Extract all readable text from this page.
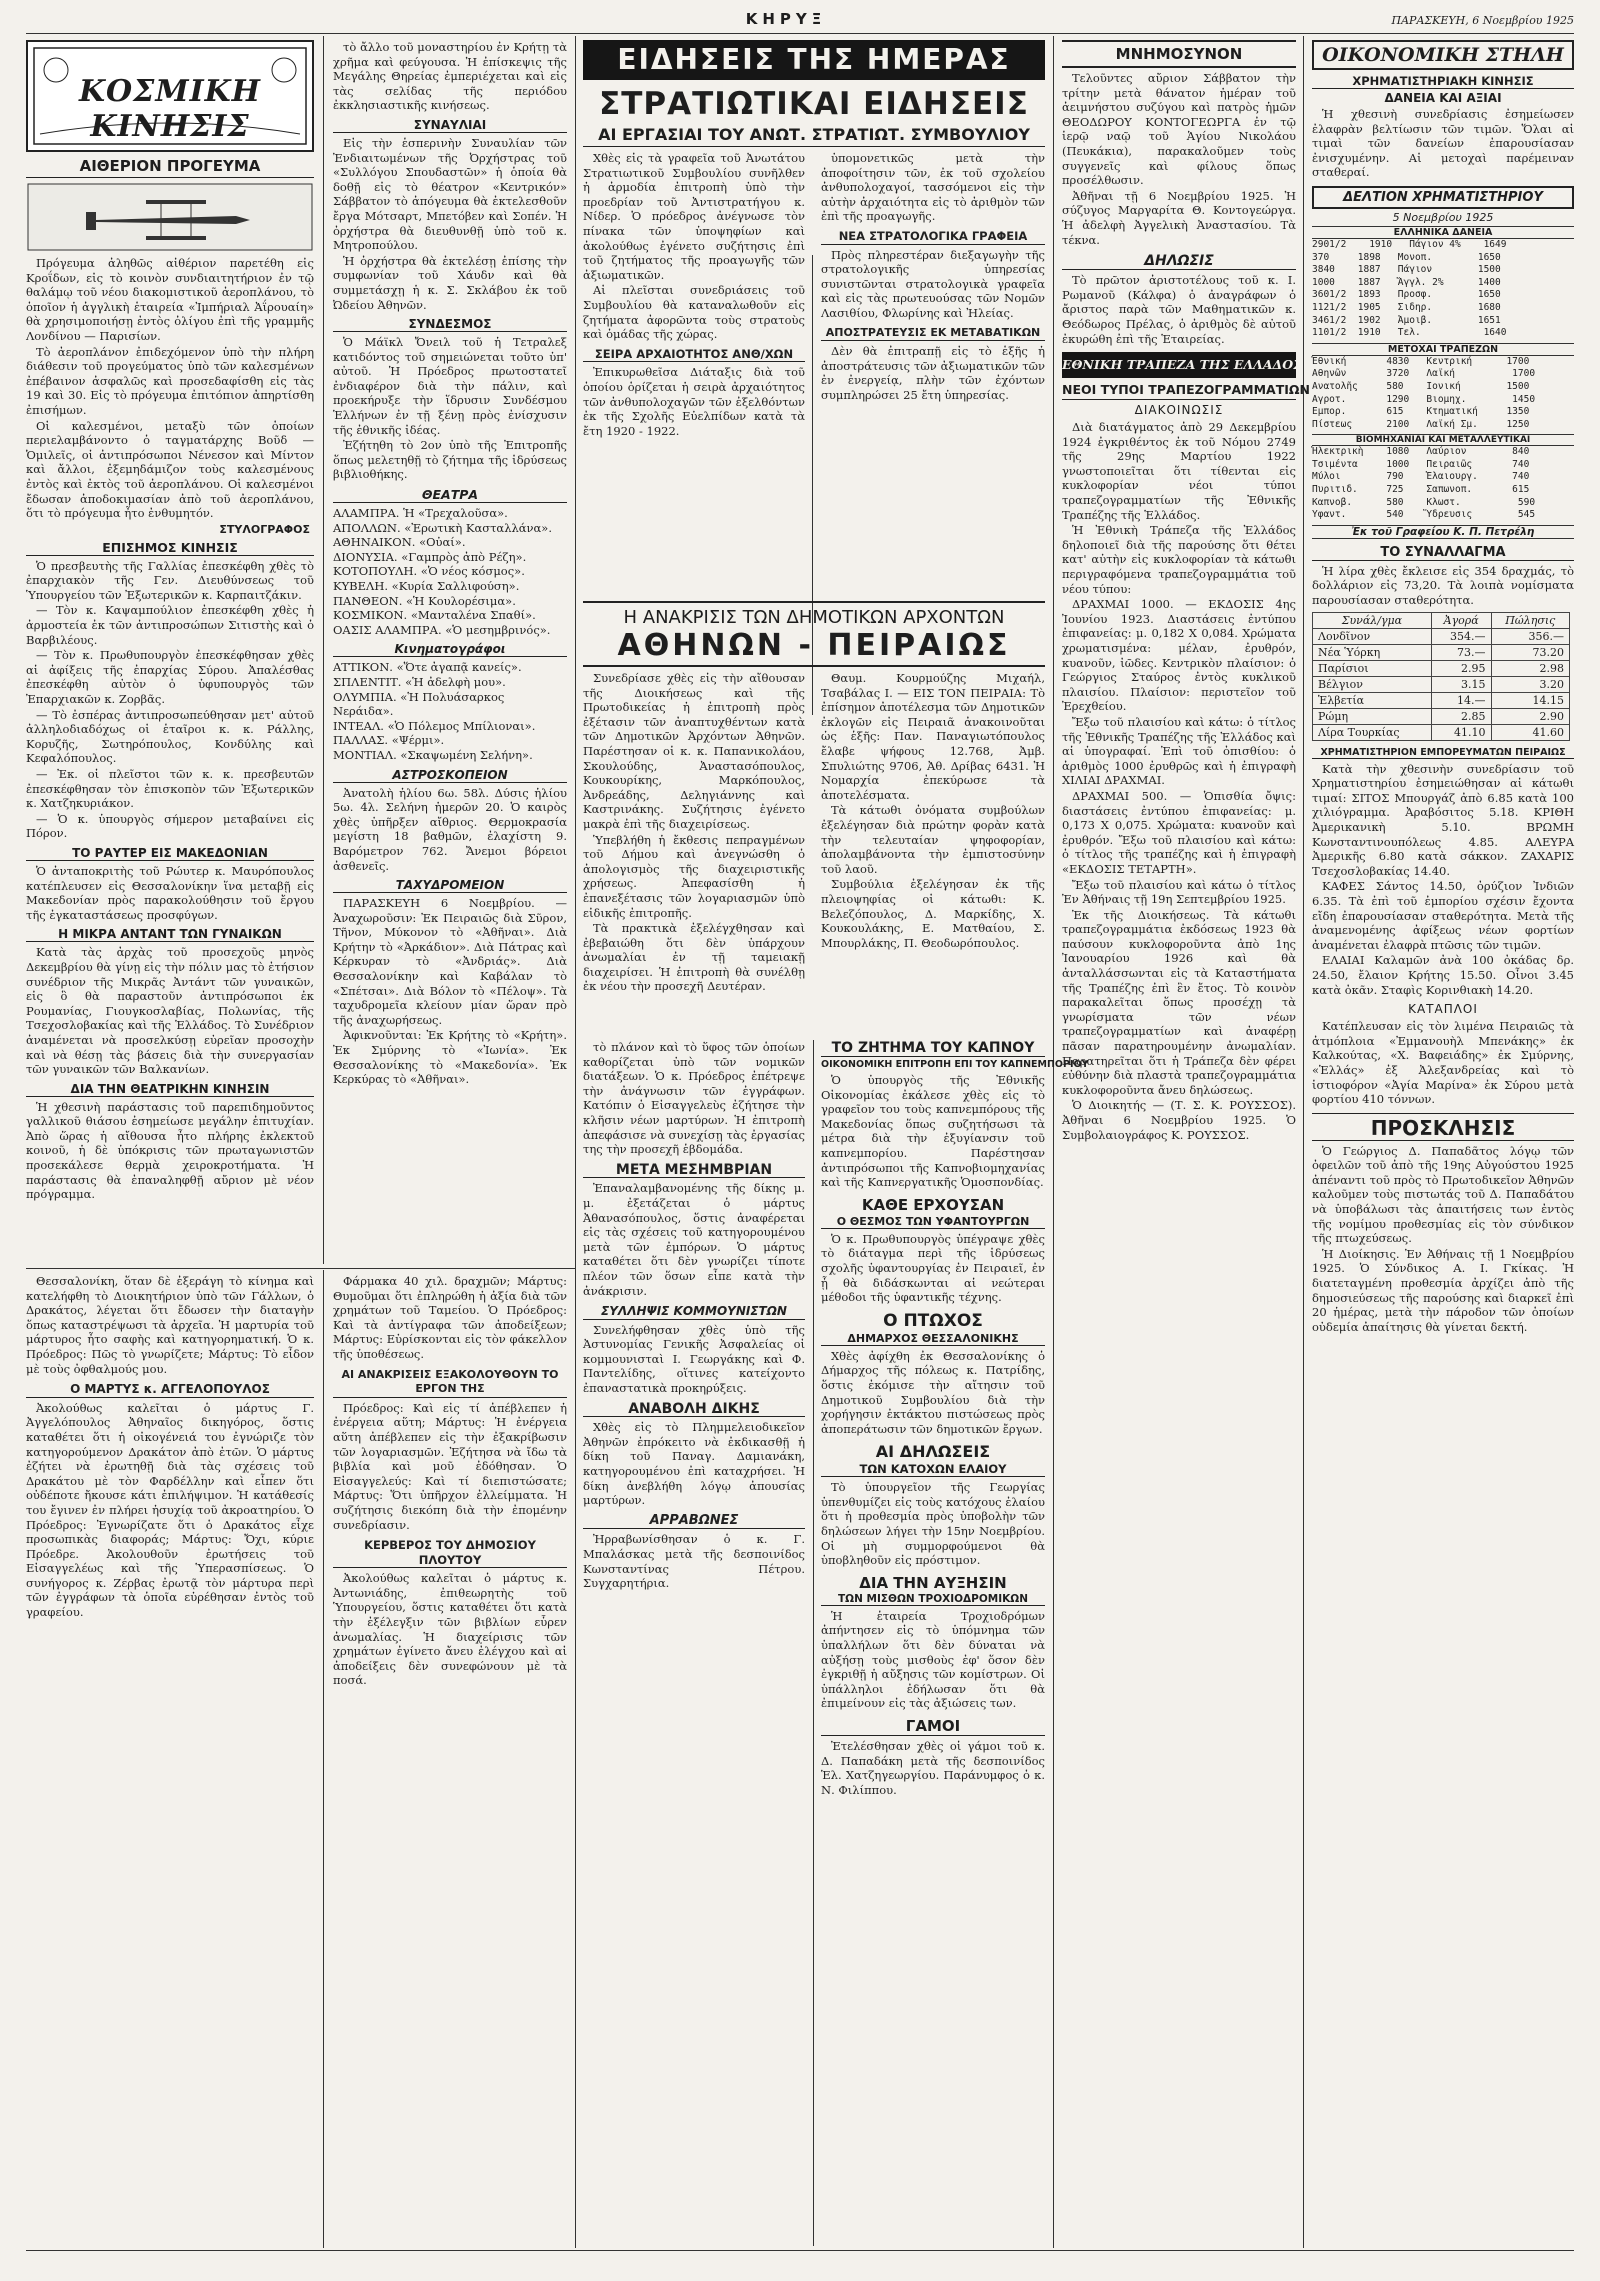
ΚΗΡΥΞ	ΠΑΡΑΣΚΕΥΗ, 6 Νοεμβρίου 1925
ΚΟΣΜΙΚΗ ΚΙΝΗΣΙΣ
ΑΙΘΕΡΙΟΝ ΠΡΟΓΕΥΜΑ

Πρόγευμα ἀληθῶς αἰθέριον παρετέθη εἰς Κροΐδων, εἰς τὸ κοινὸν συνδιαιτητήριον ἐν τῷ θαλάμῳ τοῦ νέου διακομιστικοῦ ἀεροπλάνου, τὸ ὁποῖον ἡ ἀγγλικὴ ἑταιρεία «Ἰμπήριαλ Ἀΐρουαίη» θὰ χρησιμοποιήσῃ ἐντὸς ὀλίγου ἐπὶ τῆς γραμμῆς Λονδίνου — Παρισίων.

Τὸ ἀεροπλάνον ἐπιδεχόμενον ὑπὸ τὴν πλήρη διάθεσιν τοῦ προγεύματος ὑπὸ τῶν καλεσμένων ἐπέβαινον ἀσφαλῶς καὶ προσεδαφίσθη εἰς τὰς 19 καὶ 30. Εἰς τὸ πρόγευμα ἐπιτόπιον ἀπηρτίσθη ἐπισήμων.

Οἱ καλεσμένοι, μεταξὺ τῶν ὁποίων περιελαμβάνοντο ὁ ταγματάρχης Βοῦδ — Ὁμιλεῖς, οἱ ἀντιπρόσωποι Νένεσον καὶ Μίντον καὶ ἄλλοι, ἐξεμηδάμιζον τοὺς καλεσμένους ἐντὸς καὶ ἐκτὸς τοῦ ἀεροπλάνου. Οἱ καλεσμένοι ἔδωσαν ἀποδοκιμασίαν ἀπὸ τοῦ ἀεροπλάνου, ὅτι τὸ πρόγευμα ἦτο ἐνθυμητόν.

ΣΤΥΛΟΓΡΑΦΟΣ
ΕΠΙΣΗΜΟΣ ΚΙΝΗΣΙΣ

Ὁ πρεσβευτὴς τῆς Γαλλίας ἐπεσκέφθη χθὲς τὸ ἐπαρχιακὸν τῆς Γεν. Διευθύνσεως τοῦ Ὑπουργείου τῶν Ἐξωτερικῶν κ. Καρπαιτζάκιν.

— Τὸν κ. Καψαμπούλιον ἐπεσκέφθη χθὲς ἡ ἀρμοστεία ἐκ τῶν ἀντιπροσώπων Σιτιστὴς καὶ ὁ Βαρβιλέους.

— Τὸν κ. Πρωθυπουργὸν ἐπεσκέφθησαν χθὲς αἱ ἀφίξεις τῆς ἐπαρχίας Σύρου. Ἀπαλέσθας ἐπεσκέφθη αὐτὸν ὁ ὑφυπουργὸς τῶν Ἐπαρχιακῶν κ. Ζορβᾶς.

— Τὸ ἐσπέρας ἀντιπροσωπεύθησαν μετ' αὐτοῦ ἀλληλοδιαδόχως οἱ ἑταῖροι κ. κ. Ράλλης, Κορυζῆς, Σωτηρόπουλος, Κονδύλης καὶ Κεφαλόπουλος.

— Ἐκ. οἱ πλεῖστοι τῶν κ. κ. πρεσβευτῶν ἐπεσκέφθησαν τὸν ἐπισκοπὸν τῶν Ἐξωτερικῶν κ. Χατζηκυριάκον.

— Ὁ κ. ὑπουργὸς σήμερον μεταβαίνει εἰς Πόρον.

ΤΟ ΡΑΥΤΕΡ ΕΙΣ ΜΑΚΕΔΟΝΙΑΝ

Ὁ ἀνταποκριτὴς τοῦ Ρώυτερ κ. Μαυρόπουλος κατέπλευσεν εἰς Θεσσαλονίκην ἵνα μεταβῇ εἰς Μακεδονίαν πρὸς παρακολούθησιν τοῦ ἔργου τῆς ἐγκαταστάσεως προσφύγων.

Η ΜΙΚΡΑ ΑΝΤΑΝΤ ΤΩΝ ΓΥΝΑΙΚΩΝ

Κατὰ τὰς ἀρχὰς τοῦ προσεχοῦς μηνὸς Δεκεμβρίου θὰ γίνῃ εἰς τὴν πόλιν μας τὸ ἐτήσιον συνέδριον τῆς Μικρᾶς Ἀντάντ τῶν γυναικῶν, εἰς ὃ θὰ παραστοῦν ἀντιπρόσωποι ἐκ Ρουμανίας, Γιουγκοσλαβίας, Πολωνίας, τῆς Τσεχοσλοβακίας καὶ τῆς Ἑλλάδος. Τὸ Συνέδριον ἀναμένεται νὰ προσελκύσῃ εὐρεῖαν προσοχὴν καὶ νὰ θέσῃ τὰς βάσεις διὰ τὴν συνεργασίαν τῶν γυναικῶν τῶν Βαλκανίων.

ΔΙΑ ΤΗΝ ΘΕΑΤΡΙΚΗΝ ΚΙΝΗΣΙΝ

Ἡ χθεσινὴ παράστασις τοῦ παρεπιδημοῦντος γαλλικοῦ θιάσου ἐσημείωσε μεγάλην ἐπιτυχίαν. Ἀπὸ ὥρας ἡ αἴθουσα ἦτο πλήρης ἐκλεκτοῦ κοινοῦ, ἡ δὲ ὑπόκρισις τῶν πρωταγωνιστῶν προσεκάλεσε θερμὰ χειροκροτήματα. Ἡ παράστασις θὰ ἐπαναληφθῇ αὔριον μὲ νέον πρόγραμμα.

τὸ ἄλλο τοῦ μοναστηρίου ἐν Κρήτῃ τὰ χρῆμα καὶ φεύγουσα. Ἡ ἐπίσκεψις τῆς Μεγάλης Θηρείας ἐμπεριέχεται καὶ εἰς τὰς σελίδας τῆς περιόδου ἐκκλησιαστικῆς κινήσεως.

ΣΥΝΑΥΛΙΑΙ

Εἰς τὴν ἑσπερινὴν Συναυλίαν τῶν Ἐνδιαιτωμένων τῆς Ὀρχήστρας τοῦ «Συλλόγου Σπουδαστῶν» ἡ ὁποία θὰ δοθῇ εἰς τὸ θέατρον «Κεντρικόν» Σάββατον τὸ ἀπόγευμα θὰ ἐκτελεσθοῦν ἔργα Μότσαρτ, Μπετόβεν καὶ Σοπέν. Ἡ ὀρχήστρα θὰ διευθυνθῇ ὑπὸ τοῦ κ. Μητροπούλου.

Ἡ ὀρχήστρα θὰ ἐκτελέσῃ ἐπίσης τὴν συμφωνίαν τοῦ Χάυδν καὶ θὰ συμμετάσχῃ ἡ κ. Σ. Σκλάβου ἐκ τοῦ Ὠδείου Ἀθηνῶν.

ΣΥΝΔΕΣΜΟΣ

Ὁ Μάϊκλ Ὄνειλ τοῦ ἡ Τετραλεξ κατιδόντος τοῦ σημειώνεται τοῦτο ὑπ' αὐτοῦ. Ἡ Πρόεδρος πρωτοστατεῖ ἐνδιαφέρον διὰ τὴν πάλιν, καὶ προεκήρυξε τὴν ἵδρυσιν Συνδέσμου Ἑλλήνων ἐν τῇ ξένῃ πρὸς ἐνίσχυσιν τῆς ἐθνικῆς ἰδέας.

Ἐζήτηθη τὸ 2ον ὑπὸ τῆς Ἐπιτροπῆς ὅπως μελετηθῇ τὸ ζήτημα τῆς ἱδρύσεως βιβλιοθήκης.

ΘΕΑΤΡΑ
ΑΛΑΜΠΡΑ. Ἡ «Τρεχαλοῦσα».
ΑΠΟΛΛΩΝ. «Ἐρωτικὴ Κασταλλάνα».
ΑΘΗΝΑΙΚΟΝ. «Οὐαί».
ΔΙΟΝΥΣΙΑ. «Γαμπρὸς ἀπὸ Ρέζη».
ΚΟΤΟΠΟΥΛΗ. «Ὁ νέος κόσμος».
ΚΥΒΕΛΗ. «Κυρία Σαλλιφούση».
ΠΑΝΘΕΟΝ. «Ἡ Κουλορέσιμα».
ΚΟΣΜΙΚΟΝ. «Μανταλένα Σπαθί».
ΟΑΣΙΣ ΑΛΑΜΠΡΑ. «Ὁ μεσημβρινός».
Κινηματογράφοι
ΑΤΤΙΚΟΝ. «Ὅτε ἀγαπᾷ κανείς».
ΣΠΛΕΝΤΙΤ. «Ἡ ἀδελφὴ μου».
ΟΛΥΜΠΙΑ. «Ἡ Πολυάσαρκος Νεράιδα».
ΙΝΤΕΑΛ. «Ὁ Πόλεμος Μπίλιοναι».
ΠΑΛΛΑΣ. «Ψέρμι».
ΜΟΝΤΙΑΛ. «Σκαψωμένη Σελήνη».
ΑΣΤΡΟΣΚΟΠΕΙΟΝ

Ἀνατολὴ ἡλίου 6ω. 58λ. Δύσις ἡλίου 5ω. 4λ. Σελήνη ἡμερῶν 20. Ὁ καιρὸς χθὲς ὑπῆρξεν αἴθριος. Θερμοκρασία μεγίστη 18 βαθμῶν, ἐλαχίστη 9. Βαρόμετρον 762. Ἄνεμοι βόρειοι ἀσθενεῖς.

ΤΑΧΥΔΡΟΜΕΙΟΝ

ΠΑΡΑΣΚΕΥΗ 6 Νοεμβρίου. — Ἀναχωροῦσιν: Ἐκ Πειραιῶς διὰ Σῦρον, Τῆνον, Μύκονον τὸ «Ἀθῆναι». Διὰ Κρήτην τὸ «Ἀρκάδιον». Διὰ Πάτρας καὶ Κέρκυραν τὸ «Ἀνδριάς». Διὰ Θεσσαλονίκην καὶ Καβάλαν τὸ «Σπέτσαι». Διὰ Βόλον τὸ «Πέλοψ». Τὰ ταχυδρομεῖα κλείουν μίαν ὥραν πρὸ τῆς ἀναχωρήσεως.

Ἀφικνοῦνται: Ἐκ Κρήτης τὸ «Κρήτη». Ἐκ Σμύρνης τὸ «Ἰωνία». Ἐκ Θεσσαλονίκης τὸ «Μακεδονία». Ἐκ Κερκύρας τὸ «Ἀθῆναι».

ΕΙΔΗΣΕΙΣ ΤΗΣ ΗΜΕΡΑΣ
ΣΤΡΑΤΙΩΤΙΚΑΙ ΕΙΔΗΣΕΙΣ
ΑΙ ΕΡΓΑΣΙΑΙ ΤΟΥ ΑΝΩΤ. ΣΤΡΑΤΙΩΤ. ΣΥΜΒΟΥΛΙΟΥ

Χθὲς εἰς τὰ γραφεῖα τοῦ Ἀνωτάτου Στρατιωτικοῦ Συμβουλίου συνῆλθεν ἡ ἀρμοδία ἐπιτροπὴ ὑπὸ τὴν προεδρίαν τοῦ Ἀντιστρατήγου κ. Νίδερ. Ὁ πρόεδρος ἀνέγνωσε τὸν πίνακα τῶν ὑποψηφίων καὶ ἀκολούθως ἐγένετο συζήτησις ἐπὶ τοῦ ζητήματος τῆς προαγωγῆς τῶν ἀξιωματικῶν.

Αἱ πλεῖσται συνεδριάσεις τοῦ Συμβουλίου θὰ καταναλωθοῦν εἰς ζητήματα ἀφορῶντα τοὺς στρατοὺς καὶ ὁμάδας τῆς χώρας.

ΣΕΙΡΑ ΑΡΧΑΙΟΤΗΤΟΣ ΑΝΘ/ΧΩΝ

Ἐπικυρωθεῖσα Διάταξις διὰ τοῦ ὁποίου ὁρίζεται ἡ σειρὰ ἀρχαιότητος τῶν ἀνθυπολοχαγῶν τῶν ἐξελθόντων ἐκ τῆς Σχολῆς Εὐελπίδων κατὰ τὰ ἔτη 1920 - 1922.

ὑπομονετικῶς μετὰ τὴν ἀποφοίτησιν τῶν, ἐκ τοῦ σχολείου ἀνθυπολοχαγοί, τασσόμενοι εἰς τὴν αὐτὴν ἀρχαιότητα εἰς τὸ ἀριθμὸν τῶν ἐπὶ τῆς προαγωγῆς.

ΝΕΑ ΣΤΡΑΤΟΛΟΓΙΚΑ ΓΡΑΦΕΙΑ

Πρὸς πληρεστέραν διεξαγωγὴν τῆς στρατολογικῆς ὑπηρεσίας συνιστῶνται στρατολογικὰ γραφεῖα καὶ εἰς τὰς πρωτευούσας τῶν Νομῶν Λασιθίου, Φλωρίνης καὶ Ἠλείας.

ΑΠΟΣΤΡΑΤΕΥΣΙΣ ΕΚ ΜΕΤΑΒΑΤΙΚΩΝ

Δὲν θὰ ἐπιτραπῇ εἰς τὸ ἑξῆς ἡ ἀποστράτευσις τῶν ἀξιωματικῶν τῶν ἐν ἐνεργείᾳ, πλὴν τῶν ἐχόντων συμπληρώσει 25 ἔτη ὑπηρεσίας.

Η ΑΝΑΚΡΙΣΙΣ ΤΩΝ ΔΗΜΟΤΙΚΩΝ ΑΡΧΟΝΤΩΝ
ΑΘΗΝΩΝ - ΠΕΙΡΑΙΩΣ

Συνεδρίασε χθὲς εἰς τὴν αἴθουσαν τῆς Διοικήσεως καὶ τῆς Πρωτοδικείας ἡ ἐπιτροπὴ πρὸς ἐξέτασιν τῶν ἀναπτυχθέντων κατὰ τῶν Δημοτικῶν Ἀρχόντων Ἀθηνῶν. Παρέστησαν οἱ κ. κ. Παπανικολάου, Σκουλούδης, Ἀναστασόπουλος, Κουκουρίκης, Μαρκόπουλος, Ἀνδρεάδης, Δεληγιάννης καὶ Καστρινάκης. Συζήτησις ἐγένετο μακρὰ ἐπὶ τῆς διαχειρίσεως.

Ὑπεβλήθη ἡ ἔκθεσις πεπραγμένων τοῦ Δήμου καὶ ἀνεγνώσθη ὁ ἀπολογισμὸς τῆς διαχειριστικῆς χρήσεως. Ἀπεφασίσθη ἡ ἐπανεξέτασις τῶν λογαριασμῶν ὑπὸ εἰδικῆς ἐπιτροπῆς.

Τὰ πρακτικὰ ἐξελέγχθησαν καὶ ἐβεβαιώθη ὅτι δὲν ὑπάρχουν ἀνωμαλίαι ἐν τῇ ταμειακῇ διαχειρίσει. Ἡ ἐπιτροπὴ θὰ συνέλθῃ ἐκ νέου τὴν προσεχῆ Δευτέραν.

Θαυμ. Κουρμούζης Μιχαήλ, Τσαβάλας Ι. — ΕΙΣ ΤΟΝ ΠΕΙΡΑΙΑ: Τὸ ἐπίσημον ἀποτέλεσμα τῶν Δημοτικῶν ἐκλογῶν εἰς Πειραιᾶ ἀνακοινοῦται ὡς ἑξῆς: Παν. Παναγιωτόπουλος ἔλαβε ψήφους 12.768, Ἀμβ. Σπυλιώτης 9706, Ἀθ. Δρίβας 6431. Ἡ Νομαρχία ἐπεκύρωσε τὰ ἀποτελέσματα.

Τὰ κάτωθι ὀνόματα συμβούλων ἐξελέγησαν διὰ πρώτην φορὰν κατὰ τὴν τελευταίαν ψηφοφορίαν, ἀπολαμβάνοντα τὴν ἐμπιστοσύνην τοῦ λαοῦ.

Συμβούλια ἐξελέγησαν ἐκ τῆς πλειοψηφίας οἱ κάτωθι: Κ. Βελεζόπουλος, Δ. Μαρκίδης, Χ. Κουκουλάκης, Ε. Ματθαίου, Σ. Μπουρλάκης, Π. Θεοδωρόπουλος.

ΤΟ ΖΗΤΗΜΑ ΤΟΥ ΚΑΠΝΟΥ
ΟΙΚΟΝΟΜΙΚΗ ΕΠΙΤΡΟΠΗ ΕΠΙ ΤΟΥ ΚΑΠΝΕΜΠΟΡΙΟΥ

Ὁ ὑπουργὸς τῆς Ἐθνικῆς Οἰκονομίας ἐκάλεσε χθὲς εἰς τὸ γραφεῖον του τοὺς καπνεμπόρους τῆς Μακεδονίας ὅπως συζητήσωσι τὰ μέτρα διὰ τὴν ἐξυγίανσιν τοῦ καπνεμπορίου. Παρέστησαν ἀντιπρόσωποι τῆς Καπνοβιομηχανίας καὶ τῆς Καπνεργατικῆς Ὁμοσπονδίας.

ΚΑΘΕ ΕΡΧΟΥΣΑΝ
Ο ΘΕΣΜΟΣ ΤΩΝ ΥΦΑΝΤΟΥΡΓΩΝ

Ὁ κ. Πρωθυπουργὸς ὑπέγραψε χθὲς τὸ διάταγμα περὶ τῆς ἱδρύσεως σχολῆς ὑφαντουργίας ἐν Πειραιεῖ, ἐν ᾗ θὰ διδάσκωνται αἱ νεώτεραι μέθοδοι τῆς ὑφαντικῆς τέχνης.

Ο ΠΤΩΧΟΣ
ΔΗΜΑΡΧΟΣ ΘΕΣΣΑΛΟΝΙΚΗΣ

Χθὲς ἀφίχθη ἐκ Θεσσαλονίκης ὁ Δήμαρχος τῆς πόλεως κ. Πατρίδης, ὅστις ἐκόμισε τὴν αἴτησιν τοῦ Δημοτικοῦ Συμβουλίου διὰ τὴν χορήγησιν ἐκτάκτου πιστώσεως πρὸς ἀποπεράτωσιν τῶν δημοτικῶν ἔργων.

ΑΙ ΔΗΛΩΣΕΙΣ
ΤΩΝ ΚΑΤΟΧΩΝ ΕΛΑΙΟΥ

Τὸ ὑπουργεῖον τῆς Γεωργίας ὑπενθυμίζει εἰς τοὺς κατόχους ἐλαίου ὅτι ἡ προθεσμία πρὸς ὑποβολὴν τῶν δηλώσεων λήγει τὴν 15ην Νοεμβρίου. Οἱ μὴ συμμορφούμενοι θὰ ὑποβληθοῦν εἰς πρόστιμον.

ΔΙΑ ΤΗΝ ΑΥΞΗΣΙΝ
ΤΩΝ ΜΙΣΘΩΝ ΤΡΟΧΙΟΔΡΟΜΙΚΩΝ

Ἡ ἑταιρεία Τροχιοδρόμων ἀπήντησεν εἰς τὸ ὑπόμνημα τῶν ὑπαλλήλων ὅτι δὲν δύναται νὰ αὐξήσῃ τοὺς μισθοὺς ἐφ' ὅσον δὲν ἐγκριθῇ ἡ αὔξησις τῶν κομίστρων. Οἱ ὑπάλληλοι ἐδήλωσαν ὅτι θὰ ἐπιμείνουν εἰς τὰς ἀξιώσεις των.

ΓΑΜΟΙ

Ἐτελέσθησαν χθὲς οἱ γάμοι τοῦ κ. Δ. Παπαδάκη μετὰ τῆς δεσποινίδος Ἑλ. Χατζηγεωργίου. Παράνυμφος ὁ κ. Ν. Φιλίππου.

τὸ πλάνον καὶ τὸ ὕφος τῶν ὁποίων καθορίζεται ὑπὸ τῶν νομικῶν διατάξεων. Ὁ κ. Πρόεδρος ἐπέτρεψε τὴν ἀνάγνωσιν τῶν ἐγγράφων. Κατόπιν ὁ Εἰσαγγελεὺς ἐζήτησε τὴν κλῆσιν νέων μαρτύρων. Ἡ ἐπιτροπὴ ἀπεφάσισε νὰ συνεχίσῃ τὰς ἐργασίας της τὴν προσεχῆ ἑβδομάδα.

ΜΕΤΑ ΜΕΣΗΜΒΡΙΑΝ

Ἐπαναλαμβανομένης τῆς δίκης μ. μ. ἐξετάζεται ὁ μάρτυς Ἀθανασόπουλος, ὅστις ἀναφέρεται εἰς τὰς σχέσεις τοῦ κατηγορουμένου μετὰ τῶν ἐμπόρων. Ὁ μάρτυς καταθέτει ὅτι δὲν γνωρίζει τίποτε πλέον τῶν ὅσων εἶπε κατὰ τὴν ἀνάκρισιν.

ΣΥΛΛΗΨΙΣ ΚΟΜΜΟΥΝΙΣΤΩΝ

Συνελήφθησαν χθὲς ὑπὸ τῆς Ἀστυνομίας Γενικῆς Ἀσφαλείας οἱ κομμουνισταὶ Ι. Γεωργάκης καὶ Φ. Παντελίδης, οἵτινες κατείχοντο ἐπαναστατικὰ προκηρύξεις.

ΑΝΑΒΟΛΗ ΔΙΚΗΣ

Χθὲς εἰς τὸ Πλημμελειοδικεῖον Ἀθηνῶν ἐπρόκειτο νὰ ἐκδικασθῇ ἡ δίκη τοῦ Παναγ. Δαμιανάκη, κατηγορουμένου ἐπὶ καταχρήσει. Ἡ δίκη ἀνεβλήθη λόγῳ ἀπουσίας μαρτύρων.

ΑΡΡΑΒΩΝΕΣ

Ἠρραβωνίσθησαν ὁ κ. Γ. Μπαλάσκας μετὰ τῆς δεσποινίδος Κωνσταντίνας Πέτρου. Συγχαρητήρια.

ΜΝΗΜΟΣΥΝΟΝ

Τελοῦντες αὔριον Σάββατον τὴν τρίτην μετὰ θάνατον ἡμέραν τοῦ ἀειμνήστου συζύγου καὶ πατρὸς ἡμῶν ΘΕΟΔΩΡΟΥ ΚΟΝΤΟΓΕΩΡΓΑ ἐν τῷ ἱερῷ ναῷ τοῦ Ἁγίου Νικολάου (Πευκάκια), παρακαλοῦμεν τοὺς συγγενεῖς καὶ φίλους ὅπως προσέλθωσιν.

Ἀθῆναι τῇ 6 Νοεμβρίου 1925. Ἡ σύζυγος Μαργαρίτα Θ. Κοντογεώργα. Ἡ ἀδελφὴ Ἀγγελικὴ Ἀναστασίου. Τὰ τέκνα.

ΔΗΛΩΣΙΣ

Τὸ πρῶτον ἀριστοτέλους τοῦ κ. Ι. Ρωμανοῦ (Κάλφα) ὁ ἀναγράφων ὁ ἄριστος παρὰ τῶν Μαθηματικῶν κ. Θεόδωρος Πρέλας, ὁ ἀριθμὸς δὲ αὐτοῦ ἐκυρώθη ἐπὶ τῆς Ἑταιρείας.

ΕΘΝΙΚΗ ΤΡΑΠΕΖΑ ΤΗΣ ΕΛΛΑΔΟΣ
ΝΕΟΙ ΤΥΠΟΙ ΤΡΑΠΕΖΟΓΡΑΜΜΑΤΙΩΝ
ΔΙΑΚΟΙΝΩΣΙΣ

Διὰ διατάγματος ἀπὸ 29 Δεκεμβρίου 1924 ἐγκριθέντος ἐκ τοῦ Νόμου 2749 τῆς 29ης Μαρτίου 1922 γνωστοποιεῖται ὅτι τίθενται εἰς κυκλοφορίαν νέοι τύποι τραπεζογραμματίων τῆς Ἐθνικῆς Τραπέζης τῆς Ἑλλάδος.

Ἡ Ἐθνικὴ Τράπεζα τῆς Ἑλλάδος δηλοποιεῖ διὰ τῆς παρούσης ὅτι θέτει κατ' αὐτὴν εἰς κυκλοφορίαν τὰ κάτωθι περιγραφόμενα τραπεζογραμμάτια τοῦ νέου τύπου:

ΔΡΑΧΜΑΙ 1000. — ΕΚΔΟΣΙΣ 4ης Ἰουνίου 1923. Διαστάσεις ἐντύπου ἐπιφανείας: μ. 0,182 Χ 0,084. Χρώματα χρωματισμένα: μέλαν, ἐρυθρόν, κυανοῦν, ἰῶδες. Κεντρικὸν πλαίσιον: ὁ Γεώργιος Σταύρος ἐντὸς κυκλικοῦ πλαισίου. Πλαίσιον: περιστεῖον τοῦ Ἐρεχθείου.

Ἔξω τοῦ πλαισίου καὶ κάτω: ὁ τίτλος τῆς Ἐθνικῆς Τραπέζης τῆς Ἑλλάδος καὶ αἱ ὑπογραφαί. Ἐπὶ τοῦ ὀπισθίου: ὁ ἀριθμὸς 1000 ἐρυθρῶς καὶ ἡ ἐπιγραφὴ ΧΙΛΙΑΙ ΔΡΑΧΜΑΙ.

ΔΡΑΧΜΑΙ 500. — Ὁπισθία ὄψις: διαστάσεις ἐντύπου ἐπιφανείας: μ. 0,173 Χ 0,075. Χρώματα: κυανοῦν καὶ ἐρυθρόν. Ἔξω τοῦ πλαισίου καὶ κάτω: ὁ τίτλος τῆς τραπέζης καὶ ἡ ἐπιγραφὴ «ΕΚΔΟΣΙΣ ΤΕΤΑΡΤΗ».

Ἔξω τοῦ πλαισίου καὶ κάτω ὁ τίτλος Ἐν Ἀθήναις τῇ 19η Σεπτεμβρίου 1925.

Ἐκ τῆς Διοικήσεως. Τὰ κάτωθι τραπεζογραμμάτια ἐκδόσεως 1923 θὰ παύσουν κυκλοφοροῦντα ἀπὸ 1ης Ἰανουαρίου 1926 καὶ θὰ ἀνταλλάσσωνται εἰς τὰ Καταστήματα τῆς Τραπέζης ἐπὶ ἓν ἔτος. Τὸ κοινὸν παρακαλεῖται ὅπως προσέχῃ τὰ γνωρίσματα τῶν νέων τραπεζογραμματίων καὶ ἀναφέρῃ πᾶσαν παρατηρουμένην ἀνωμαλίαν. Παρατηρεῖται ὅτι ἡ Τράπεζα δὲν φέρει εὐθύνην διὰ πλαστὰ τραπεζογραμμάτια κυκλοφοροῦντα ἄνευ δηλώσεως.

Ὁ Διοικητής — (Τ. Σ. Κ. ΡΟΥΣΣΟΣ). Ἀθῆναι 6 Νοεμβρίου 1925. Ὁ Συμβολαιογράφος Κ. ΡΟΥΣΣΟΣ.

ΟΙΚΟΝΟΜΙΚΗ ΣΤΗΛΗ
ΧΡΗΜΑΤΙΣΤΗΡΙΑΚΗ ΚΙΝΗΣΙΣ
ΔΑΝΕΙΑ ΚΑΙ ΑΞΙΑΙ

Ἡ χθεσινὴ συνεδρίασις ἐσημείωσεν ἐλαφρὰν βελτίωσιν τῶν τιμῶν. Ὅλαι αἱ τιμαὶ τῶν δανείων ἐπαρουσίασαν ἐνισχυμένην. Αἱ μετοχαὶ παρέμειναν σταθεραί.

ΔΕΛΤΙΟΝ ΧΡΗΜΑΤΙΣΤΗΡΙΟΥ
5 Νοεμβρίου 1925
ΕΛΛΗΝΙΚΑ ΔΑΝΕΙΑ
2901/2    1910   Πάγιον 4%    1649
370     1898   Μονοπ.        1650
3840    1887   Πάγιον        1500
1000    1887   Ἄγγλ. 2%      1400
3601/2  1893   Προσφ.        1650
1121/2  1905   Σιδηρ.        1680
3461/2  1902   Ἀμοιβ.        1651
1101/2  1910   Τελ.           1640
ΜΕΤΟΧΑΙ ΤΡΑΠΕΖΩΝ
Ἐθνική       4830   Κεντρική      1700
Αθηνῶν       3720   Λαϊκή          1700
Ανατολῆς     580    Ιονική        1500
Αγροτ.       1290   Βιομηχ.        1450
Εμπορ.       615    Κτηματική     1350
Πίστεως      2100   Λαϊκή Σμ.     1250
ΒΙΟΜΗΧΑΝΙΑΙ ΚΑΙ ΜΕΤΑΛΛΕΥΤΙΚΑΙ
Ἠλεκτρικὴ    1080   Λαύριον        840
Τσιμέντα     1000   Πειραιῶς       740
Μύλοι        790    Ἐλαιουργ.      740
Πυριτιδ.     725    Σαπωνοπ.       615
Καπνοβ.      580    Κλωστ.          590
Υφαντ.       540    Ὕδρευσις        545
Ἐκ τοῦ Γραφείου Κ. Π. Πετρέλη
ΤΟ ΣΥΝΑΛΛΑΓΜΑ

Ἡ λίρα χθὲς ἔκλεισε εἰς 354 δραχμάς, τὸ δολλάριον εἰς 73,20. Τὰ λοιπὰ νομίσματα παρουσίασαν σταθερότητα.

Συνάλ/γμα	Ἀγορά	Πώλησις
Λονδῖνον	354.—	356.—
Νέα Ὑόρκη	73.—	73.20
Παρίσιοι	2.95	2.98
Βέλγιον	3.15	3.20
Ἑλβετία	14.—	14.15
Ρώμη	2.85	2.90
Λίρα Τουρκίας	41.10	41.60
ΧΡΗΜΑΤΙΣΤΗΡΙΟΝ ΕΜΠΟΡΕΥΜΑΤΩΝ ΠΕΙΡΑΙΩΣ

Κατὰ τὴν χθεσινὴν συνεδρίασιν τοῦ Χρηματιστηρίου ἐσημειώθησαν αἱ κάτωθι τιμαί: ΣΙΤΟΣ Μπουργάζ ἀπὸ 6.85 κατὰ 100 χιλιόγραμμα. Ἀραβόσιτος 5.18. ΚΡΙΘΗ Ἀμερικανικὴ 5.10. ΒΡΩΜΗ Κωνσταντινουπόλεως 4.85. ΑΛΕΥΡΑ Ἀμερικῆς 6.80 κατὰ σάκκον. ΖΑΧΑΡΙΣ Τσεχοσλοβακίας 14.40.

ΚΑΦΕΣ Σάντος 14.50, ὀρύζιον Ἰνδιῶν 6.35. Τὰ ἐπὶ τοῦ ἐμπορίου σχέσιν ἔχοντα εἴδη ἐπαρουσίασαν σταθερότητα. Μετὰ τῆς ἀναμενομένης ἀφίξεως νέων φορτίων ἀναμένεται ἐλαφρὰ πτῶσις τῶν τιμῶν.

ΕΛΑΙΑΙ Καλαμῶν ἀνὰ 100 ὀκάδας δρ. 24.50, ἔλαιον Κρήτης 15.50. Οἶνοι 3.45 κατὰ ὀκᾶν. Σταφὶς Κορινθιακὴ 14.20.

ΚΑΤΑΠΛΟΙ

Κατέπλευσαν εἰς τὸν λιμένα Πειραιῶς τὰ ἀτμόπλοια «Ἐμμανουὴλ Μπενάκης» ἐκ Καλκούτας, «Χ. Βαφειάδης» ἐκ Σμύρνης, «Ἑλλάς» ἐξ Ἀλεξανδρείας καὶ τὸ ἱστιοφόρον «Ἀγία Μαρίνα» ἐκ Σύρου μετὰ φορτίου 410 τόννων.

ΠΡΟΣΚΛΗΣΙΣ

Ὁ Γεώργιος Δ. Παπαδᾶτος λόγῳ τῶν ὀφειλῶν τοῦ ἀπὸ τῆς 19ης Αὐγούστου 1925 ἀπέναντι τοῦ πρὸς τὸ Πρωτοδικεῖον Ἀθηνῶν καλοῦμεν τοὺς πιστωτάς τοῦ Δ. Παπαδάτου νὰ ὑποβάλωσι τὰς ἀπαιτήσεις των ἐντὸς τῆς νομίμου προθεσμίας εἰς τὸν σύνδικον τῆς πτωχεύσεως.

Ἡ Διοίκησις. Ἐν Ἀθήναις τῇ 1 Νοεμβρίου 1925. Ὁ Σύνδικος Α. Ι. Γκίκας. Ἡ διατεταγμένη προθεσμία ἀρχίζει ἀπὸ τῆς δημοσιεύσεως τῆς παρούσης καὶ διαρκεῖ ἐπὶ 20 ἡμέρας, μετὰ τὴν πάροδον τῶν ὁποίων οὐδεμία ἀπαίτησις θὰ γίνεται δεκτή.

Θεσσαλονίκη, ὅταν δὲ ἐξεράγη τὸ κίνημα καὶ κατελήφθη τὸ Διοικητήριον ὑπὸ τῶν Γάλλων, ὁ Δρακάτος, λέγεται ὅτι ἔδωσεν τὴν διαταγὴν ὅπως καταστρέψωσι τὰ ἀρχεῖα. Ἡ μαρτυρία τοῦ μάρτυρος ἦτο σαφὴς καὶ κατηγορηματική. Ὁ κ. Πρόεδρος: Πῶς τὸ γνωρίζετε; Μάρτυς: Τὸ εἶδον μὲ τοὺς ὀφθαλμούς μου.

Ο ΜΑΡΤΥΣ κ. ΑΓΓΕΛΟΠΟΥΛΟΣ

Ἀκολούθως καλεῖται ὁ μάρτυς Γ. Ἀγγελόπουλος Ἀθηναῖος δικηγόρος, ὅστις καταθέτει ὅτι ἡ οἰκογένειά του ἐγνώριζε τὸν κατηγορούμενον Δρακάτον ἀπὸ ἐτῶν. Ὁ μάρτυς ἐζήτει νὰ ἐρωτηθῇ διὰ τὰς σχέσεις τοῦ Δρακάτου μὲ τὸν Φαρδέλλην καὶ εἶπεν ὅτι οὐδέποτε ἤκουσε κάτι ἐπιλήψιμον. Ἡ κατάθεσίς του ἔγινεν ἐν πλήρει ἡσυχίᾳ τοῦ ἀκροατηρίου. Ὁ Πρόεδρος: Ἐγνωρίζατε ὅτι ὁ Δρακάτος εἶχε προσωπικὰς διαφοράς; Μάρτυς: Ὄχι, κύριε Πρόεδρε. Ἀκολουθοῦν ἐρωτήσεις τοῦ Εἰσαγγελέως καὶ τῆς Ὑπερασπίσεως. Ὁ συνήγορος κ. Ζέρβας ἐρωτᾷ τὸν μάρτυρα περὶ τῶν ἐγγράφων τὰ ὁποῖα εὑρέθησαν ἐντὸς τοῦ γραφείου.

Φάρμακα 40 χιλ. δραχμῶν; Μάρτυς: Θυμοῦμαι ὅτι ἐπληρώθη ἡ ἀξία διὰ τῶν χρημάτων τοῦ Ταμείου. Ὁ Πρόεδρος: Καὶ τὰ ἀντίγραφα τῶν ἀποδείξεων; Μάρτυς: Εὑρίσκονται εἰς τὸν φάκελλον τῆς ὑποθέσεως.

ΑΙ ΑΝΑΚΡΙΣΕΙΣ ΕΞΑΚΟΛΟΥΘΟΥΝ ΤΟ ΕΡΓΟΝ ΤΗΣ

Πρόεδρος: Καὶ εἰς τί ἀπέβλεπεν ἡ ἐνέργεια αὕτη; Μάρτυς: Ἡ ἐνέργεια αὕτη ἀπέβλεπεν εἰς τὴν ἐξακρίβωσιν τῶν λογαριασμῶν. Ἐζήτησα νὰ ἴδω τὰ βιβλία καὶ μοῦ ἐδόθησαν. Ὁ Εἰσαγγελεύς: Καὶ τί διεπιστώσατε; Μάρτυς: Ὅτι ὑπῆρχον ἐλλείμματα. Ἡ συζήτησις διεκόπη διὰ τὴν ἐπομένην συνεδρίασιν.

ΚΕΡΒΕΡΟΣ ΤΟΥ ΔΗΜΟΣΙΟΥ ΠΛΟΥΤΟΥ

Ἀκολούθως καλεῖται ὁ μάρτυς κ. Ἀντωνιάδης, ἐπιθεωρητὴς τοῦ Ὑπουργείου, ὅστις καταθέτει ὅτι κατὰ τὴν ἐξέλεγξιν τῶν βιβλίων εὗρεν ἀνωμαλίας. Ἡ διαχείρισις τῶν χρημάτων ἐγίνετο ἄνευ ἐλέγχου καὶ αἱ ἀποδείξεις δὲν συνεφώνουν μὲ τὰ ποσά.
